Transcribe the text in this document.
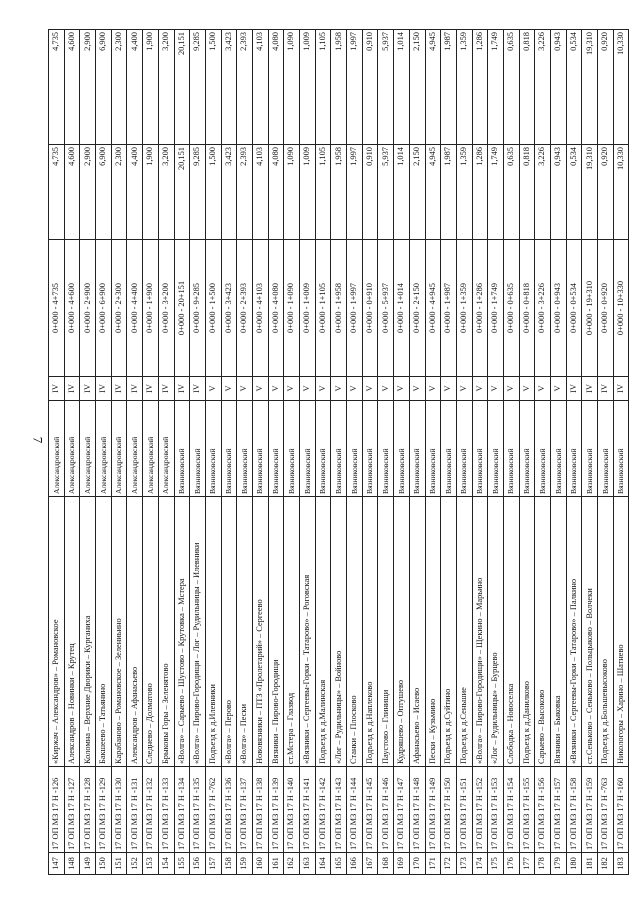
7
147	17 ОП МЗ 17 Н -126	«Киржач – Александров» – Романовское	Александровский	IV	0+000 - 4+735	4,735	4,735
148	17 ОП МЗ 17 Н -127	Александров – Новинки – Крутец	Александровский	IV	0+000 - 4+600	4,600	4,600
149	17 ОП МЗ 17 Н -128	Коломна – Верхние Дворики – Курганиха	Александровский	IV	0+000 - 2+900	2,900	2,900
150	17 ОП МЗ 17 Н -129	Бакшеево – Татьянино	Александровский	IV	0+000 - 6+900	6,900	6,900
151	17 ОП МЗ 17 Н -130	Карабаново – Романовское – Зелениьино	Александровский	IV	0+000 - 2+300	2,300	2,300
152	17 ОП МЗ 17 Н -131	Александров – Афанасьево	Александровский	IV	0+000 - 4+400	4,400	4,400
153	17 ОП МЗ 17 Н -132	Следнево – Долматово	Александровский	IV	0+000 - 1+900	1,900	1,900
154	17 ОП МЗ 17 Н -133	Брыковы Горы – Зеленятово	Александровский	IV	0+000 - 3+200	3,200	3,200
155	17 ОП МЗ 17 Н -134	«Волга» – Сарыево – Шустово – Крутовка – Мстера	Вязниковский	IV	0+000 - 20+151	20,151	20,151
156	17 ОП МЗ 17 Н -135	«Волга» – Пирово-Городищи – Лог – Рудильницы – Илевники	Вязниковский	IV	0+000 - 9+285	9,285	9,285
157	17 ОП МЗ 17 Н -762	Подъезд к д.Илевники	Вязниковский	V	0+000 - 1+500	1,500	1,500
158	17 ОП МЗ 17 Н -136	«Волга» – Перово	Вязниковский	V	0+000 - 3+423	3,423	3,423
159	17 ОП МЗ 17 Н -137	«Волга» – Пески	Вязниковский	V	0+000 - 2+393	2,393	2,393
160	17 ОП МЗ 17 Н -138	Нововязники – ПТЗ «Пролетарий» – Сергеево	Вязниковский	V	0+000 - 4+103	4,103	4,103
161	17 ОП МЗ 17 Н -139	Вязники – Пирово-Городищи	Вязниковский	V	0+000 - 4+080	4,080	4,080
162	17 ОП МЗ 17 Н -140	ст.Мстера – Глазвод	Вязниковский	V	0+000 - 1+090	1,090	1,090
163	17 ОП МЗ 17 Н -141	«Вязники – Сергеевы-Горки – Татарово» – Роговская	Вязниковский	V	0+000 - 1+009	1,009	1,009
164	17 ОП МЗ 17 Н -142	Подъезд к д.Малинская	Вязниковский	V	0+000 - 1+105	1,105	1,105
165	17 ОП МЗ 17 Н -143	«Лог – Рудильницы» – Войново	Вязниковский	V	0+000 - 1+958	1,958	1,958
166	17 ОП МЗ 17 Н -144	Станки – Плосково	Вязниковский	V	0+000 - 1+997	1,997	1,997
167	17 ОП МЗ 17 Н -145	Подъезд к д.Наплеково	Вязниковский	V	0+000 - 0+910	0,910	0,910
168	17 ОП МЗ 17 Н -146	Паустово – Глинищи	Вязниковский	V	0+000 - 5+937	5,937	5,937
169	17 ОП МЗ 17 Н -147	Кудряшево – Оптушево	Вязниковский	V	0+000 - 1+014	1,014	1,014
170	17 ОП МЗ 17 Н -148	Афанасьево – Исаево	Вязниковский	V	0+000 - 2+150	2,150	2,150
171	17 ОП МЗ 17 Н -149	Пески – Кузьмино	Вязниковский	V	0+000 - 4+945	4,945	4,945
172	17 ОП МЗ 17 Н -150	Подъезд к д.Суйтино	Вязниковский	V	0+000 - 1+987	1,987	1,987
173	17 ОП МЗ 17 Н -151	Подъезд к д.Сеньшие	Вязниковский	V	0+000 - 1+359	1,359	1,359
174	17 ОП МЗ 17 Н -152	«Волга» – Пирово-Городищи» – Щекино – Марьино	Вязниковский	V	0+000 - 1+286	1,286	1,286
175	17 ОП МЗ 17 Н -153	«Лог – Рудильницы» – Бурцево	Вязниковский	V	0+000 - 1+749	1,749	1,749
176	17 ОП МЗ 17 Н -154	Слободка – Новоселка	Вязниковский	V	0+000 - 0+635	0,635	0,635
177	17 ОП МЗ 17 Н -155	Подъезд к д.Данилково	Вязниковский	V	0+000 - 0+818	0,818	0,818
178	17 ОП МЗ 17 Н -156	Сарыево – Высоково	Вязниковский	V	0+000 - 3+226	3,226	3,226
179	17 ОП МЗ 17 Н -157	Вязники – Быковка	Вязниковский	V	0+000 - 0+943	0,943	0,943
180	17 ОП МЗ 17 Н -158	«Вязники – Сергеевы-Горки – Татарово» – Палкино	Вязниковский	IV	0+000 - 0+534	0,534	0,534
181	17 ОП МЗ 17 Н -159	ст.Сеньково – Сеньково – Польцыково – Волчеки	Вязниковский	IV	0+000 - 19+310	19,310	19,310
182	17 ОП МЗ 17 Н -763	Подъезд к д.Большевысоково	Вязниковский	IV	0+000 - 0+920	0,920	0,920
183	17 ОП МЗ 17 Н -160	Никологоры – Харино – Шатнево	Вязниковский	IV	0+000 - 10+330	10,330	10,330
